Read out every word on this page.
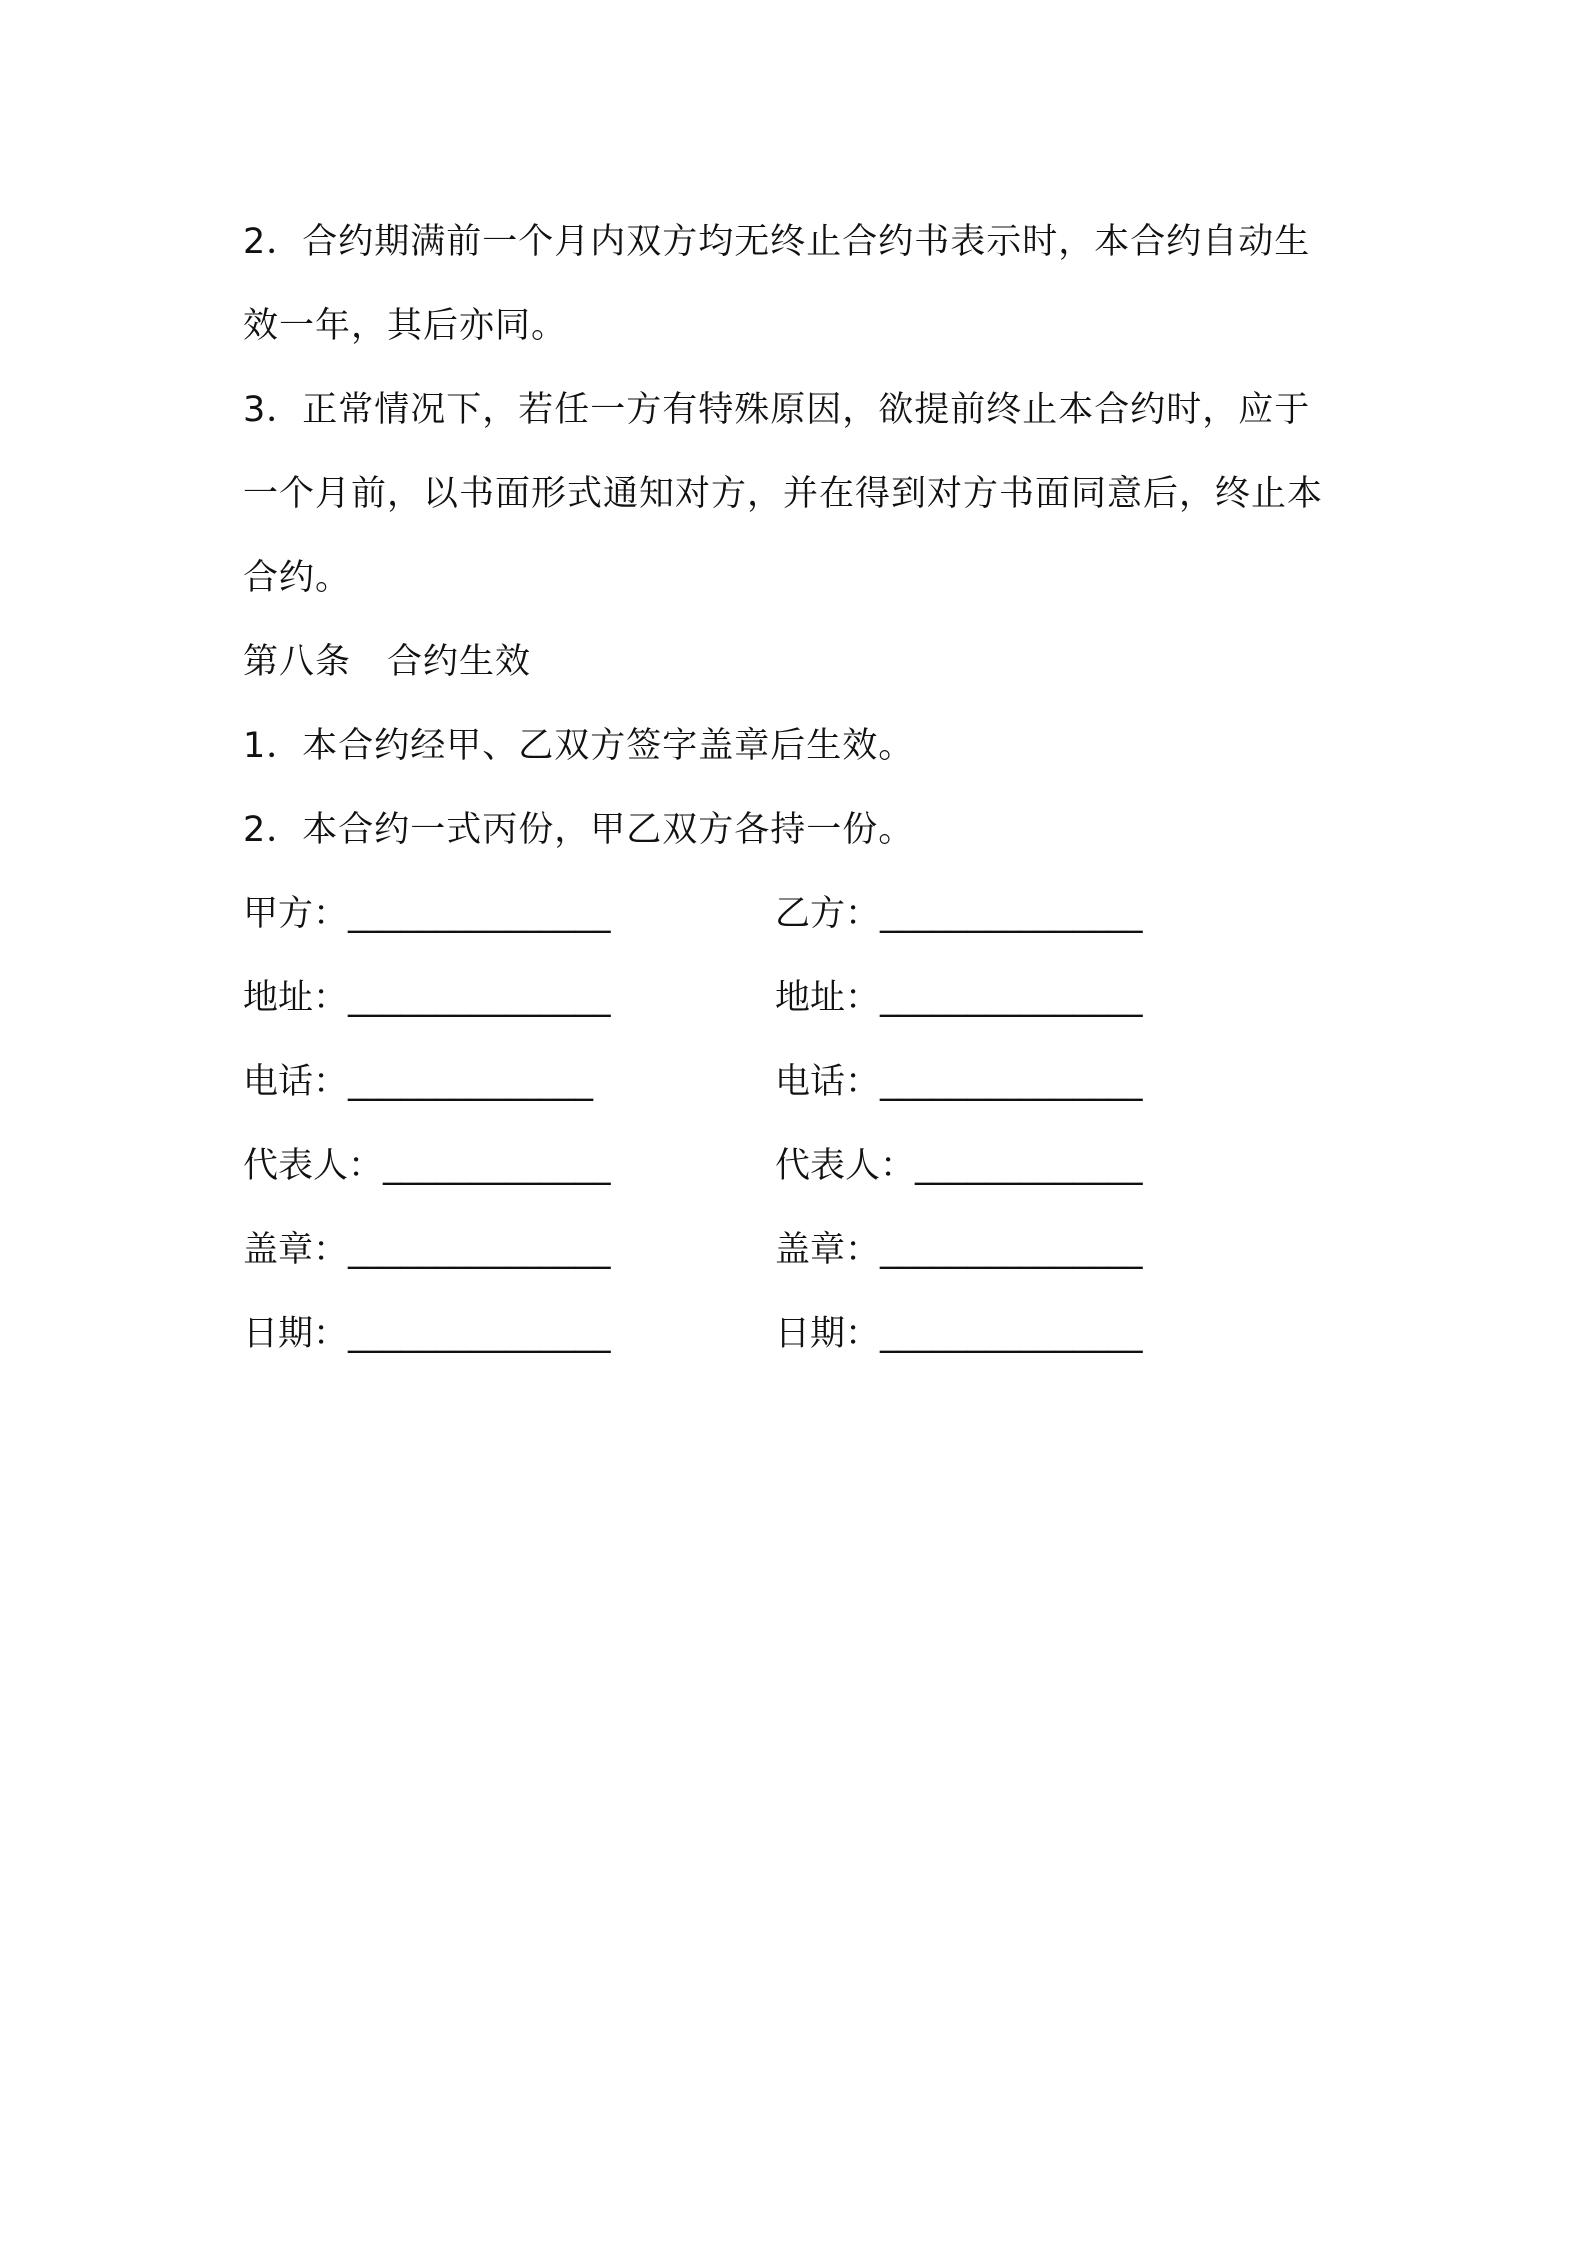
2．合约期满前一个月内双方均无终止合约书表示时，本合约自动生

效一年，其后亦同。

3．正常情况下，若任一方有特殊原因，欲提前终止本合约时，应于

一个月前，以书面形式通知对方，并在得到对方书面同意后，终止本

合约。

第八条　合约生效

1．本合约经甲、乙双方签字盖章后生效。

2．本合约一式丙份，甲乙双方各持一份。

甲方：_______________	乙方：_______________
地址：_______________	地址：_______________
电话：______________	电话：_______________
代表人：_____________	代表人：_____________
盖章：_______________	盖章：_______________
日期：_______________	日期：_______________
